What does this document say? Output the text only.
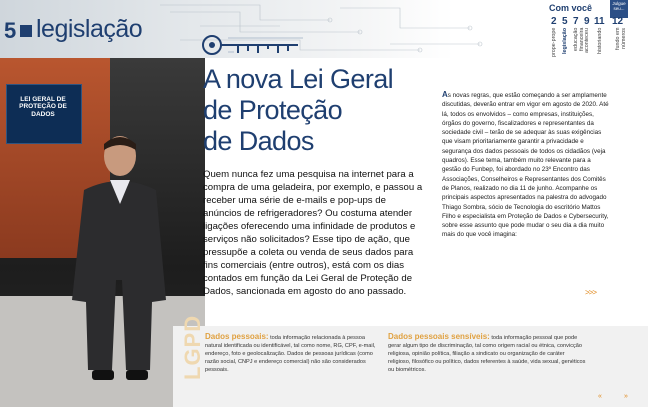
5 legislação
LEI GERAL DE PROTEÇÃO DE DADOS
Com você	Julgue seu...
2 5 7 9 11 12
prope-prope legislação educação financeira aconteceu historiando fundo em números
A nova Lei Geral
de Proteção
de Dados
Quem nunca fez uma pesquisa na internet para a compra de uma geladeira, por exemplo, e passou a receber uma série de e-mails e pop-ups de anúncios de refrigeradores? Ou costuma atender ligações oferecendo uma infinidade de produtos e serviços não solicitados? Esse tipo de ação, que pressupõe a coleta ou venda de seus dados para fins comerciais (entre outros), está com os dias contados em função da Lei Geral de Proteção de Dados, sancionada em agosto do ano passado.
As novas regras, que estão começando a ser amplamente discutidas, deverão entrar em vigor em agosto de 2020. Até lá, todos os envolvidos – como empresas, instituições, órgãos do governo, fiscalizadores e representantes da sociedade civil – terão de se adequar às suas exigências que visam prioritariamente garantir a privacidade e segurança dos dados pessoais de todos os cidadãos (veja quadros). Esse tema, também muito relevante para a gestão do Funbep, foi abordado no 23º Encontro das Associações, Conselheiros e Representantes dos Comitês de Planos, realizado no dia 11 de junho. Acompanhe os principais aspectos apresentados na palestra do advogado Thiago Sombra, sócio de Tecnologia do escritório Mattos Filho e especialista em Proteção de Dados e Cybersecurity, sobre esse assunto que pode mudar o seu dia a dia muito mais do que você imagina:
>>>
LGPD Dados pessoais: toda informação relacionada à pessoa natural identificada ou identificável, tal como nome, RG, CPF, e-mail, endereço, foto e geolocalização. Dados de pessoas jurídicas (como razão social, CNPJ e endereço comercial) não são considerados pessoais.
Dados pessoais sensíveis: toda informação pessoal que pode gerar algum tipo de discriminação, tal como origem racial ou étnica, convicção religiosa, opinião política, filiação a sindicato ou organização de caráter religioso, filosófico ou político, dados referentes à saúde, vida sexual, genéticos ou biométricos.
«	»
